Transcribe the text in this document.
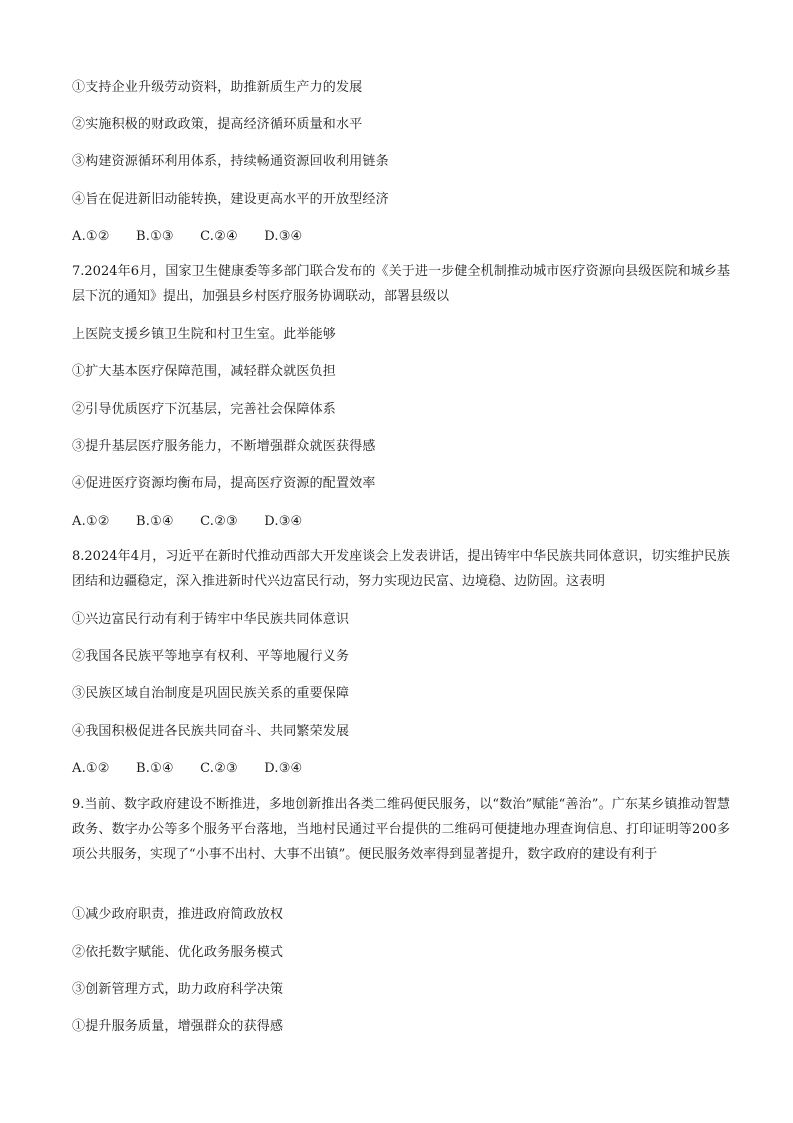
①支持企业升级劳动资料，助推新质生产力的发展
②实施积极的财政政策，提高经济循环质量和水平
③构建资源循环利用体系，持续畅通资源回收利用链条
④旨在促进新旧动能转换，建设更高水平的开放型经济
A.①② B.①③ C.②④ D.③④
7.2024年6月，国家卫生健康委等多部门联合发布的《关于进一步健全机制推动城市医疗资源向县级医院和城乡基层下沉的通知》提出，加强县乡村医疗服务协调联动，部署县级以
上医院支援乡镇卫生院和村卫生室。此举能够
①扩大基本医疗保障范围，减轻群众就医负担
②引导优质医疗下沉基层，完善社会保障体系
③提升基层医疗服务能力，不断增强群众就医获得感
④促进医疗资源均衡布局，提高医疗资源的配置效率
A.①② B.①④ C.②③ D.③④
8.2024年4月，习近平在新时代推动西部大开发座谈会上发表讲话，提出铸牢中华民族共同体意识，切实维护民族团结和边疆稳定，深入推进新时代兴边富民行动，努力实现边民富、边境稳、边防固。这表明
①兴边富民行动有利于铸牢中华民族共同体意识
②我国各民族平等地享有权利、平等地履行义务
③民族区域自治制度是巩固民族关系的重要保障
④我国积极促进各民族共同奋斗、共同繁荣发展
A.①② B.①④ C.②③ D.③④
9.当前、数字政府建设不断推进，多地创新推出各类二维码便民服务，以“数治”赋能“善治”。广东某乡镇推动智慧政务、数字办公等多个服务平台落地，当地村民通过平台提供的二维码可便捷地办理查询信息、打印证明等200多项公共服务，实现了“小事不出村、大事不出镇”。便民服务效率得到显著提升，数字政府的建设有利于
①减少政府职责，推进政府简政放权
②依托数字赋能、优化政务服务模式
③创新管理方式，助力政府科学决策
①提升服务质量，增强群众的获得感
